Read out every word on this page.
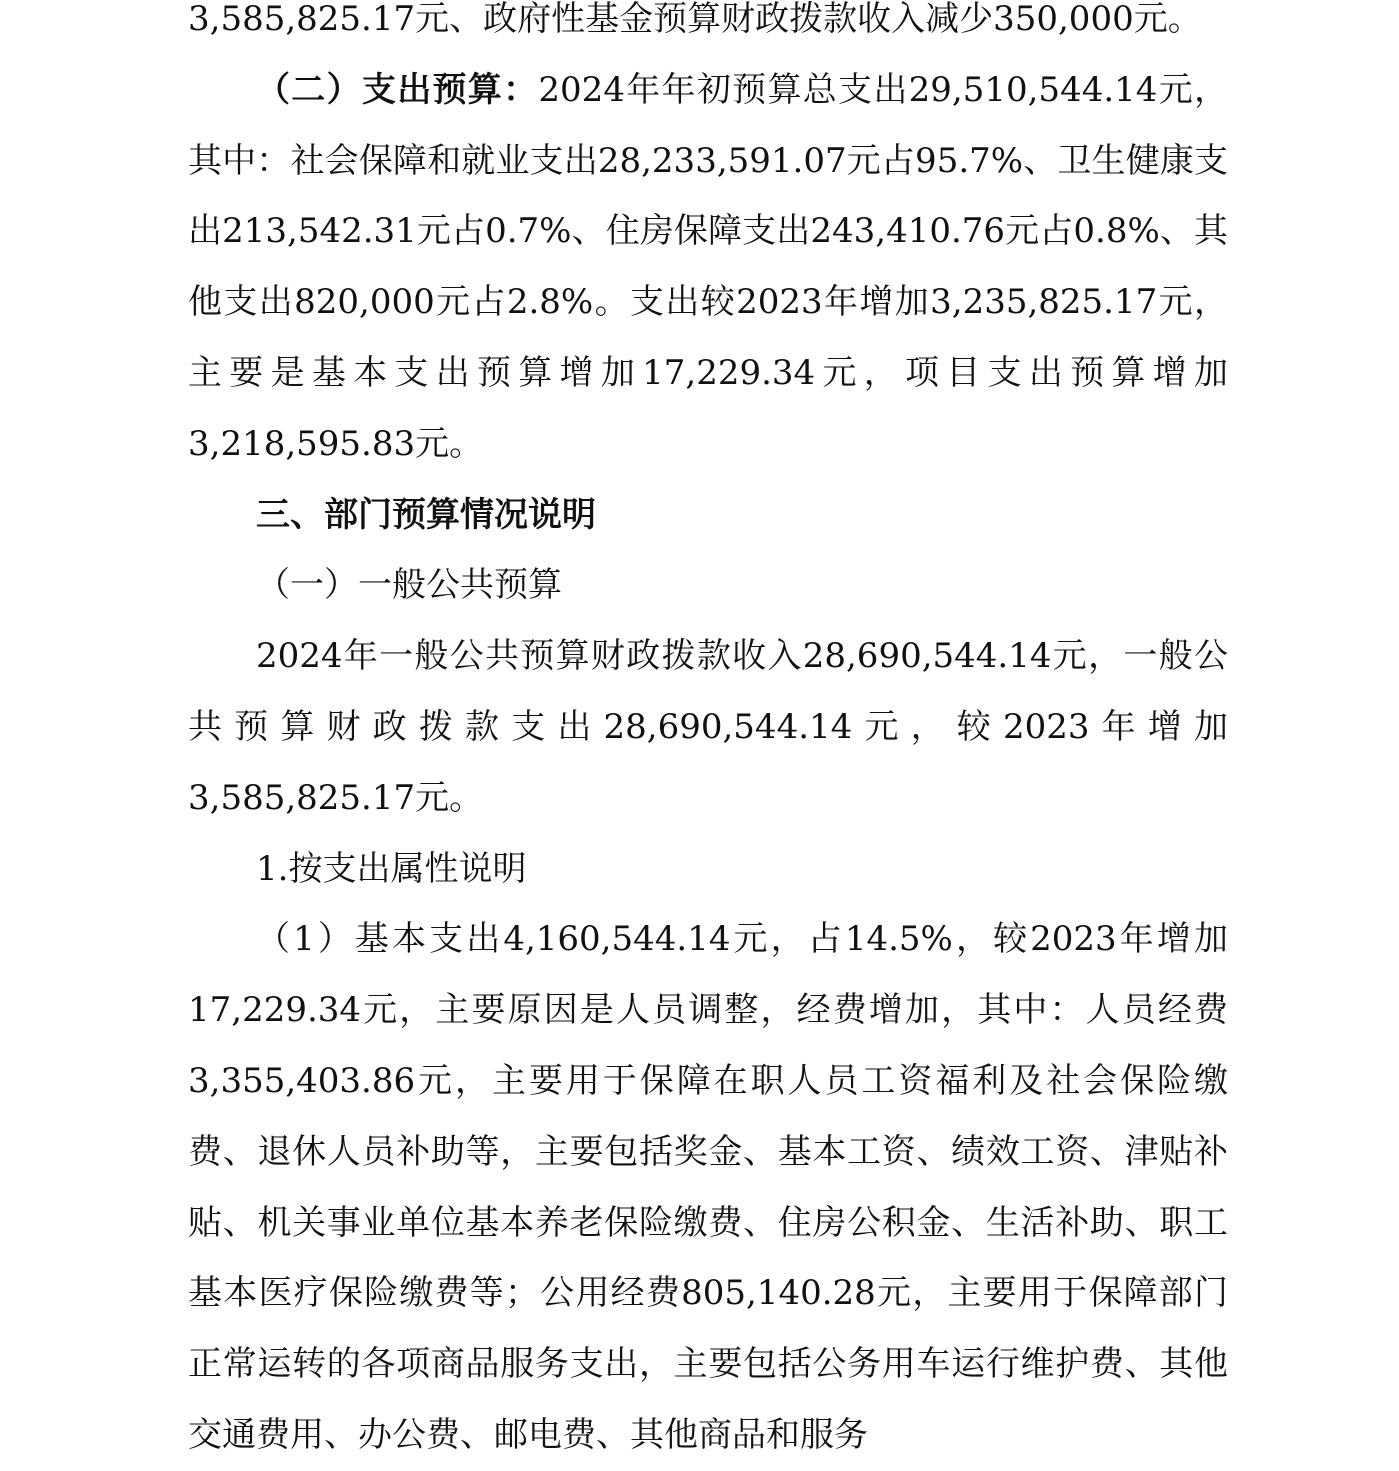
3,585,825.17元、政府性基金预算财政拨款收入减少350,000元。

（二）支出预算：2024年年初预算总支出29,510,544.14元，其中：社会保障和就业支出28,233,591.07元占95.7%、卫生健康支出213,542.31元占0.7%、住房保障支出243,410.76元占0.8%、其他支出820,000元占2.8%。支出较2023年增加3,235,825.17元，主要是基本支出预算增加17,229.34元，项目支出预算增加3,218,595.83元。

三、部门预算情况说明

（一）一般公共预算

2024年一般公共预算财政拨款收入28,690,544.14元，一般公共预算财政拨款支出28,690,544.14元，较2023年增加3,585,825.17元。

1.按支出属性说明

（1）基本支出4,160,544.14元，占14.5%，较2023年增加17,229.34元，主要原因是人员调整，经费增加，其中：人员经费3,355,403.86元，主要用于保障在职人员工资福利及社会保险缴费、退休人员补助等，主要包括奖金、基本工资、绩效工资、津贴补贴、机关事业单位基本养老保险缴费、住房公积金、生活补助、职工基本医疗保险缴费等；公用经费805,140.28元，主要用于保障部门正常运转的各项商品服务支出，主要包括公务用车运行维护费、其他交通费用、办公费、邮电费、其他商品和服务
